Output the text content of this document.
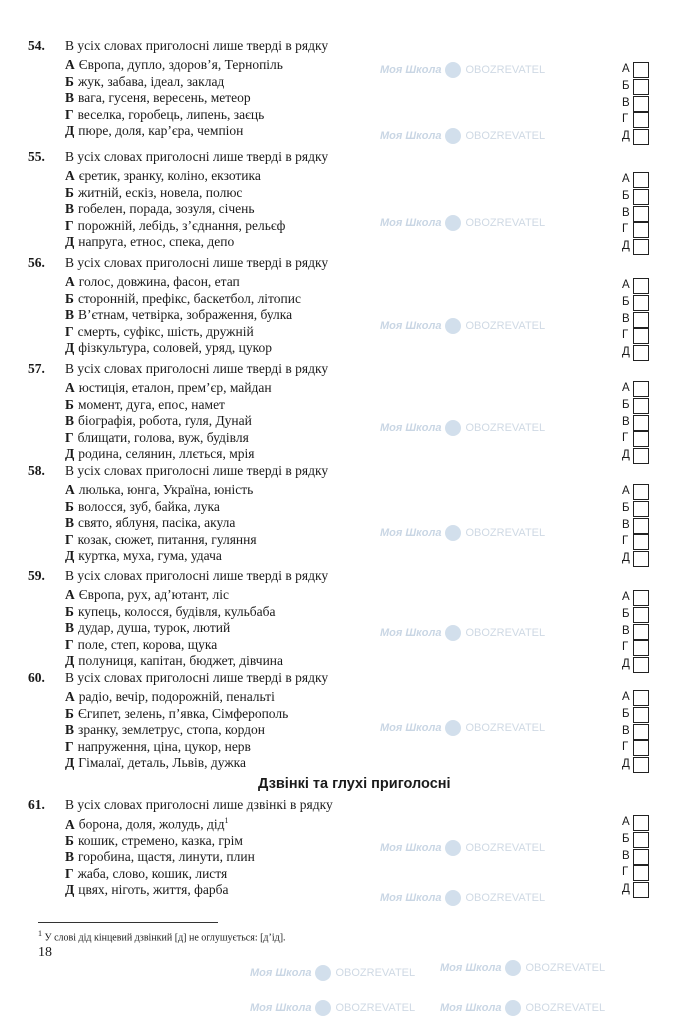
Моя Школа OBOZREVATEL
Моя Школа OBOZREVATEL
Моя Школа OBOZREVATEL
Моя Школа OBOZREVATEL
Моя Школа OBOZREVATEL
Моя Школа OBOZREVATEL
Моя Школа OBOZREVATEL
Моя Школа OBOZREVATEL
Моя Школа OBOZREVATEL
Моя Школа OBOZREVATEL
Моя Школа OBOZREVATEL
Моя Школа OBOZREVATEL
Моя Школа OBOZREVATEL
Моя Школа OBOZREVATEL
54. В усіх словах приголосні лише тверді в рядку
А Європа, дупло, здоров’я, Тернопіль	А
Б жук, забава, ідеал, заклад	Б
В вага, гусеня, вересень, метеор	В
Г веселка, горобець, липень, заєць	Г
Д пюре, доля, кар’єра, чемпіон	Д
55. В усіх словах приголосні лише тверді в рядку
А єретик, зранку, коліно, екзотика	А
Б житній, ескіз, новела, полюс	Б
В гобелен, порада, зозуля, січень	В
Г порожній, лебідь, з’єднання, рельєф	Г
Д напруга, етнос, спека, депо	Д
56. В усіх словах приголосні лише тверді в рядку
А голос, довжина, фасон, етап	А
Б сторонній, префікс, баскетбол, літопис	Б
В В’єтнам, четвірка, зображення, булка	В
Г смерть, суфікс, шість, дружній	Г
Д фізкультура, соловей, уряд, цукор	Д
57. В усіх словах приголосні лише тверді в рядку
А юстиція, еталон, прем’єр, майдан	А
Б момент, дуга, епос, намет	Б
В біографія, робота, ґуля, Дунай	В
Г блищати, голова, вуж, будівля	Г
Д родина, селянин, ллється, мрія	Д
58. В усіх словах приголосні лише тверді в рядку
А люлька, юнга, Україна, юність	А
Б волосся, зуб, байка, лука	Б
В свято, яблуня, пасіка, акула	В
Г козак, сюжет, питання, гуляння	Г
Д куртка, муха, гума, удача	Д
59. В усіх словах приголосні лише тверді в рядку
А Європа, рух, ад’ютант, ліс	А
Б купець, колосся, будівля, кульбаба	Б
В дудар, душа, турок, лютий	В
Г поле, степ, корова, щука	Г
Д полуниця, капітан, бюджет, дівчина	Д
60. В усіх словах приголосні лише тверді в рядку
А радіо, вечір, подорожній, пенальті	А
Б Єгипет, зелень, п’явка, Сімферополь	Б
В зранку, землетрус, стопа, кордон	В
Г напруження, ціна, цукор, нерв	Г
Д Гімалаї, деталь, Львів, дужка	Д
61. В усіх словах приголосні лише дзвінкі в рядку
А борона, доля, жолудь, дід$^1$	А
Б кошик, стремено, казка, грім	Б
В горобина, щастя, линути, плин	В
Г жаба, слово, кошик, листя	Г
Д цвях, ніготь, життя, фарба	Д
Дзвінкі та глухі приголосні
$^1$ У слові дід кінцевий дзвінкий [д] не оглушується: [д’ід].
18
